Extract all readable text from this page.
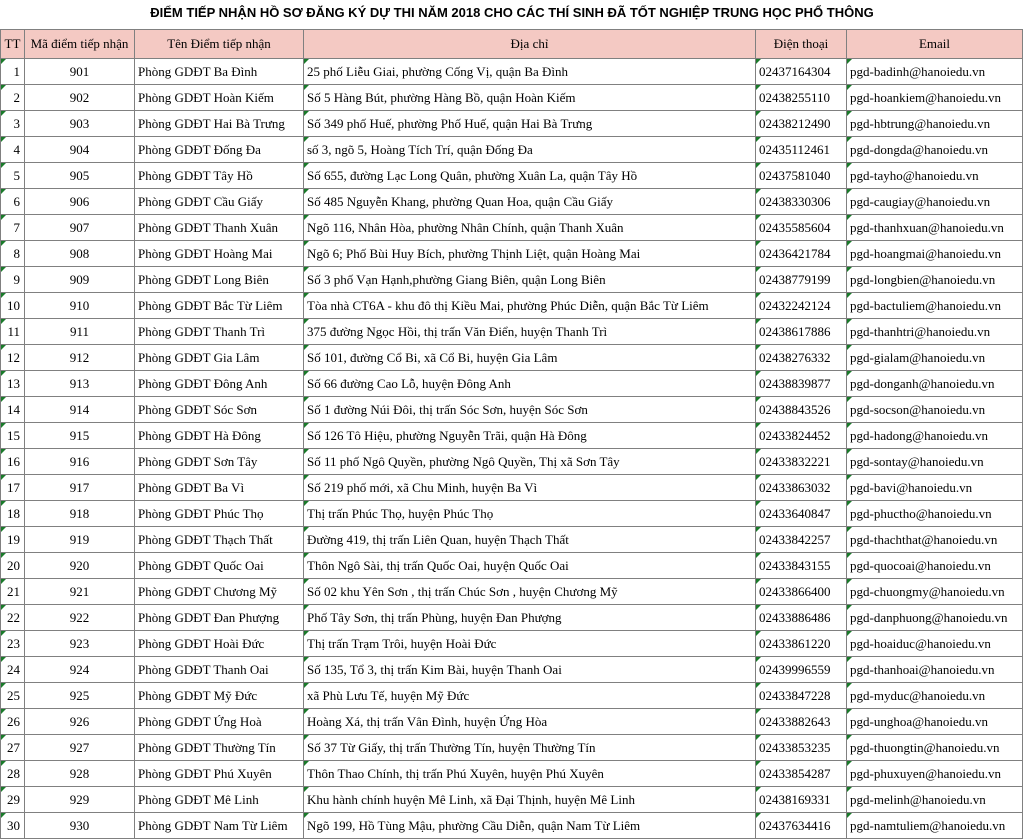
ĐIỂM TIẾP NHẬN HỒ SƠ ĐĂNG KÝ DỰ THI NĂM 2018 CHO CÁC THÍ SINH ĐÃ TỐT NGHIỆP TRUNG HỌC PHỔ THÔNG
TT	Mã điểm tiếp nhận	Tên Điểm tiếp nhận	Địa chỉ	Điện thoại	Email
1	901	Phòng GDĐT Ba Đình	25 phố Liễu Giai, phường Cống Vị, quận Ba Đình	02437164304	pgd-badinh@hanoiedu.vn
2	902	Phòng GDĐT Hoàn Kiếm	Số 5 Hàng Bút, phường Hàng Bồ, quận Hoàn Kiếm	02438255110	pgd-hoankiem@hanoiedu.vn
3	903	Phòng GDĐT Hai Bà Trưng	Số 349 phố Huế, phường Phố Huế, quận Hai Bà Trưng	02438212490	pgd-hbtrung@hanoiedu.vn
4	904	Phòng GDĐT Đống Đa	số 3, ngõ 5, Hoàng Tích Trí, quận Đống Đa	02435112461	pgd-dongda@hanoiedu.vn
5	905	Phòng GDĐT Tây Hồ	Số 655, đường Lạc Long Quân, phường Xuân La, quận Tây Hồ	02437581040	pgd-tayho@hanoiedu.vn
6	906	Phòng GDĐT Cầu Giấy	Số 485 Nguyễn Khang, phường Quan Hoa, quận Cầu Giấy	02438330306	pgd-caugiay@hanoiedu.vn
7	907	Phòng GDĐT Thanh Xuân	Ngõ 116, Nhân Hòa, phường Nhân Chính, quận Thanh Xuân	02435585604	pgd-thanhxuan@hanoiedu.vn
8	908	Phòng GDĐT Hoàng Mai	Ngõ 6; Phố Bùi Huy Bích, phường Thịnh Liệt, quận Hoàng Mai	02436421784	pgd-hoangmai@hanoiedu.vn
9	909	Phòng GDĐT Long Biên	Số 3 phố Vạn Hạnh,phường Giang Biên, quận Long Biên	02438779199	pgd-longbien@hanoiedu.vn
10	910	Phòng GDĐT Bắc Từ Liêm	Tòa nhà CT6A - khu đô thị Kiều Mai, phường Phúc Diễn, quận Bắc Từ Liêm	02432242124	pgd-bactuliem@hanoiedu.vn
11	911	Phòng GDĐT Thanh Trì	375 đường Ngọc Hồi, thị trấn Văn Điển, huyện Thanh Trì	02438617886	pgd-thanhtri@hanoiedu.vn
12	912	Phòng GDĐT Gia Lâm	Số 101, đường Cổ Bi, xã Cổ Bi, huyện Gia Lâm	02438276332	pgd-gialam@hanoiedu.vn
13	913	Phòng GDĐT Đông Anh	Số 66 đường Cao Lỗ, huyện Đông Anh	02438839877	pgd-donganh@hanoiedu.vn
14	914	Phòng GDĐT Sóc Sơn	Số 1 đường Núi Đôi, thị trấn Sóc Sơn, huyện Sóc Sơn	02438843526	pgd-socson@hanoiedu.vn
15	915	Phòng GDĐT Hà Đông	Số 126 Tô Hiệu, phường Nguyễn Trãi, quận Hà Đông	02433824452	pgd-hadong@hanoiedu.vn
16	916	Phòng GDĐT Sơn Tây	Số 11 phố Ngô Quyền, phường Ngô Quyền, Thị xã Sơn Tây	02433832221	pgd-sontay@hanoiedu.vn
17	917	Phòng GDĐT Ba Vì	Số 219 phố mới, xã Chu Minh, huyện Ba Vì	02433863032	pgd-bavi@hanoiedu.vn
18	918	Phòng GDĐT Phúc Thọ	Thị trấn Phúc Thọ, huyện Phúc Thọ	02433640847	pgd-phuctho@hanoiedu.vn
19	919	Phòng GDĐT Thạch Thất	Đường 419, thị trấn Liên Quan, huyện Thạch Thất	02433842257	pgd-thachthat@hanoiedu.vn
20	920	Phòng GDĐT Quốc Oai	Thôn Ngô Sài, thị trấn Quốc Oai, huyện Quốc Oai	02433843155	pgd-quocoai@hanoiedu.vn
21	921	Phòng GDĐT Chương Mỹ	Số 02 khu Yên Sơn , thị trấn Chúc Sơn , huyện Chương Mỹ	02433866400	pgd-chuongmy@hanoiedu.vn
22	922	Phòng GDĐT Đan Phượng	Phố Tây Sơn, thị trấn Phùng, huyện Đan Phượng	02433886486	pgd-danphuong@hanoiedu.vn
23	923	Phòng GDĐT Hoài Đức	Thị trấn Trạm Trôi, huyện Hoài Đức	02433861220	pgd-hoaiduc@hanoiedu.vn
24	924	Phòng GDĐT Thanh Oai	Số 135, Tổ 3, thị trấn Kim Bài, huyện Thanh Oai	02439996559	pgd-thanhoai@hanoiedu.vn
25	925	Phòng GDĐT Mỹ Đức	xã Phù Lưu Tế, huyện Mỹ Đức	02433847228	pgd-myduc@hanoiedu.vn
26	926	Phòng GDĐT Ứng Hoà	Hoàng Xá, thị trấn Vân Đình, huyện Ứng Hòa	02433882643	pgd-unghoa@hanoiedu.vn
27	927	Phòng GDĐT Thường Tín	Số 37 Từ Giấy, thị trấn Thường Tín, huyện Thường Tín	02433853235	pgd-thuongtin@hanoiedu.vn
28	928	Phòng GDĐT Phú Xuyên	Thôn Thao Chính, thị trấn Phú Xuyên, huyện Phú Xuyên	02433854287	pgd-phuxuyen@hanoiedu.vn
29	929	Phòng GDĐT Mê Linh	Khu hành chính huyện Mê Linh, xã Đại Thịnh, huyện Mê Linh	02438169331	pgd-melinh@hanoiedu.vn
30	930	Phòng GDĐT Nam Từ Liêm	Ngõ 199, Hồ Tùng Mậu, phường Cầu Diễn, quận Nam Từ Liêm	02437634416	pgd-namtuliem@hanoiedu.vn
